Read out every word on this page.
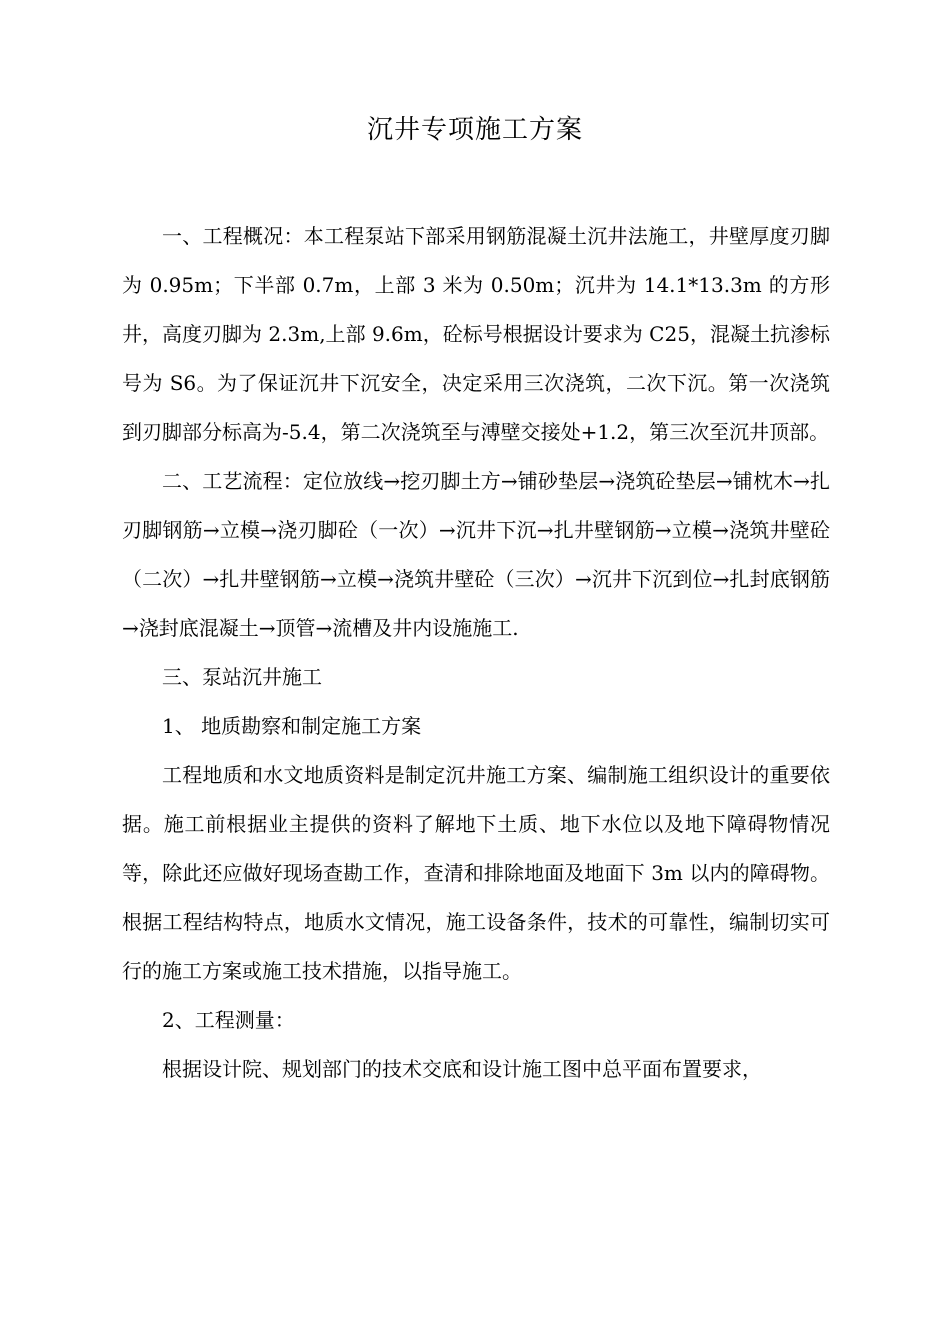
沉井专项施工方案

一、工程概况：本工程泵站下部采用钢筋混凝土沉井法施工，井壁厚度刃脚为 0.95m；下半部 0.7m，上部 3 米为 0.50m；沉井为 14.1*13.3m 的方形井，高度刃脚为 2.3m,上部 9.6m，砼标号根据设计要求为 C25，混凝土抗渗标号为 S6。为了保证沉井下沉安全，决定采用三次浇筑，二次下沉。第一次浇筑到刃脚部分标高为-5.4，第二次浇筑至与溥壁交接处+1.2，第三次至沉井顶部。

二、工艺流程：定位放线→挖刃脚土方→铺砂垫层→浇筑砼垫层→铺枕木→扎刃脚钢筋→立模→浇刃脚砼（一次）→沉井下沉→扎井壁钢筋→立模→浇筑井壁砼（二次）→扎井壁钢筋→立模→浇筑井壁砼（三次）→沉井下沉到位→扎封底钢筋→浇封底混凝土→顶管→流槽及井内设施施工.

三、泵站沉井施工

1、 地质勘察和制定施工方案

工程地质和水文地质资料是制定沉井施工方案、编制施工组织设计的重要依据。施工前根据业主提供的资料了解地下土质、地下水位以及地下障碍物情况等，除此还应做好现场查勘工作，查清和排除地面及地面下 3m 以内的障碍物。根据工程结构特点，地质水文情况，施工设备条件，技术的可靠性，编制切实可行的施工方案或施工技术措施，以指导施工。

2、工程测量：

根据设计院、规划部门的技术交底和设计施工图中总平面布置要求，
